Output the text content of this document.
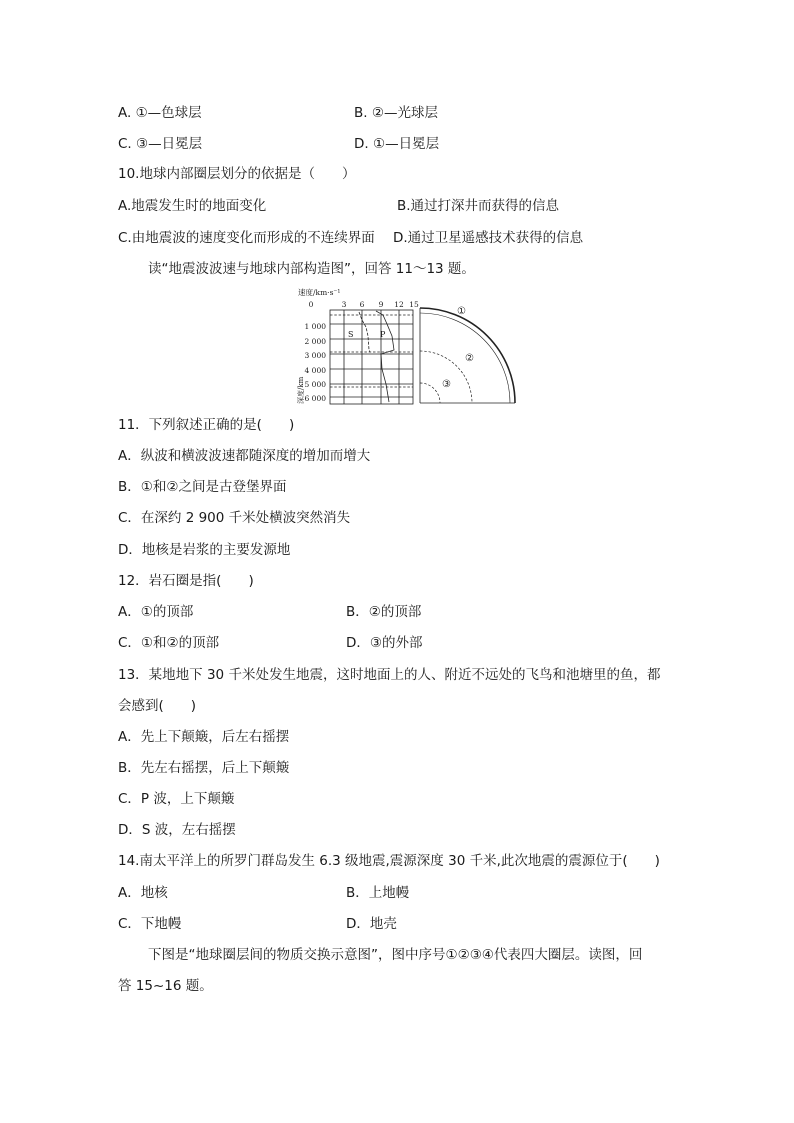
A. ①—色球层	B. ②—光球层
C. ③—日冕层	D. ①—日冕层
10.地球内部圈层划分的依据是（　　）
A.地震发生时的地面变化	B.通过打深井而获得的信息
C.由地震波的速度变化而形成的不连续界面 D.通过卫星遥感技术获得的信息
读“地震波波速与地球内部构造图”，回答 11～13 题。
速度/km·s⁻¹
0	3 6 9 12 15
1 000
2 000
3 000
4 000
5 000
6 000
深度/km
S	P
①
②
③
11．下列叙述正确的是(　　)
A．纵波和横波波速都随深度的增加而增大
B．①和②之间是古登堡界面
C．在深约 2 900 千米处横波突然消失
D．地核是岩浆的主要发源地
12．岩石圈是指(　　)
A．①的顶部	B．②的顶部
C．①和②的顶部	D．③的外部
13．某地地下 30 千米处发生地震，这时地面上的人、附近不远处的飞鸟和池塘里的鱼，都
会感到(　　)
A．先上下颠簸，后左右摇摆
B．先左右摇摆，后上下颠簸
C．P 波，上下颠簸
D．S 波，左右摇摆
14.南太平洋上的所罗门群岛发生 6.3 级地震,震源深度 30 千米,此次地震的震源位于(　　)
A．地核	B．上地幔
C．下地幔	D．地壳
下图是“地球圈层间的物质交换示意图”，图中序号①②③④代表四大圈层。读图，回
答 15~16 题。
